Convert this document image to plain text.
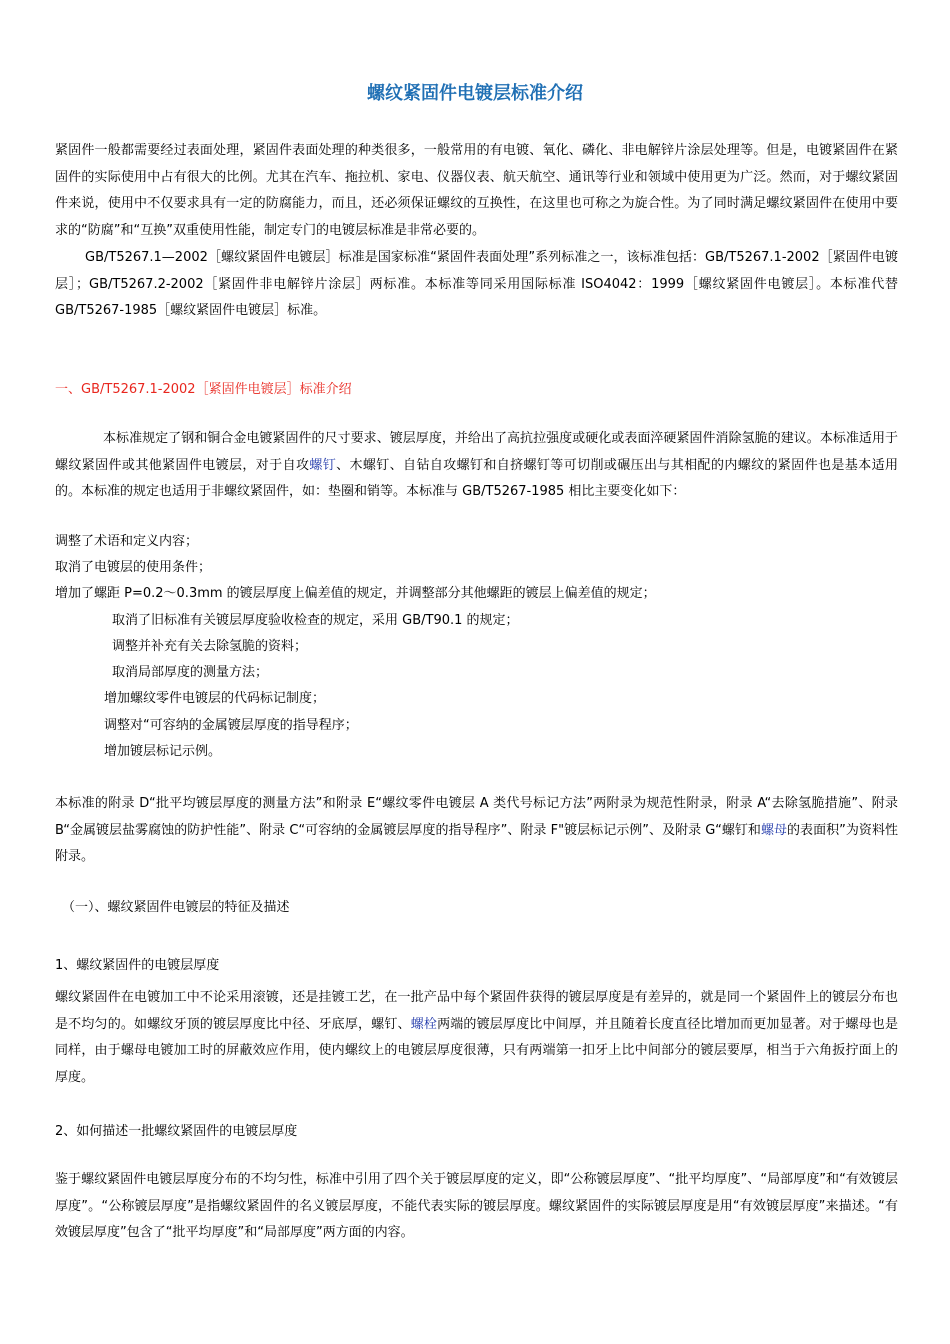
螺纹紧固件电镀层标准介绍

紧固件一般都需要经过表面处理，紧固件表面处理的种类很多，一般常用的有电镀、氧化、磷化、非电解锌片涂层处理等。但是，电镀紧固件在紧固件的实际使用中占有很大的比例。尤其在汽车、拖拉机、家电、仪器仪表、航天航空、通讯等行业和领域中使用更为广泛。然而，对于螺纹紧固件来说，使用中不仅要求具有一定的防腐能力，而且，还必须保证螺纹的互换性，在这里也可称之为旋合性。为了同时满足螺纹紧固件在使用中要求的“防腐”和“互换”双重使用性能，制定专门的电镀层标准是非常必要的。

GB/T5267.1—2002［螺纹紧固件电镀层］标准是国家标准“紧固件表面处理”系列标准之一，该标准包括：GB/T5267.1-2002［紧固件电镀层］；GB/T5267.2-2002［紧固件非电解锌片涂层］两标准。本标准等同采用国际标准 ISO4042：1999［螺纹紧固件电镀层］。本标准代替 GB/T5267-1985［螺纹紧固件电镀层］标准。

一、GB/T5267.1-2002［紧固件电镀层］标准介绍

本标准规定了钢和铜合金电镀紧固件的尺寸要求、镀层厚度，并给出了高抗拉强度或硬化或表面淬硬紧固件消除氢脆的建议。本标准适用于螺纹紧固件或其他紧固件电镀层，对于自攻螺钉、木螺钉、自钻自攻螺钉和自挤螺钉等可切削或碾压出与其相配的内螺纹的紧固件也是基本适用的。本标准的规定也适用于非螺纹紧固件，如：垫圈和销等。本标准与 GB/T5267-1985 相比主要变化如下：

调整了术语和定义内容；

取消了电镀层的使用条件；

增加了螺距 P=0.2～0.3mm 的镀层厚度上偏差值的规定，并调整部分其他螺距的镀层上偏差值的规定；

取消了旧标准有关镀层厚度验收检查的规定，采用 GB/T90.1 的规定；

调整并补充有关去除氢脆的资料；

取消局部厚度的测量方法；

增加螺纹零件电镀层的代码标记制度；

调整对“可容纳的金属镀层厚度的指导程序；

增加镀层标记示例。

本标准的附录 D“批平均镀层厚度的测量方法”和附录 E“螺纹零件电镀层 A 类代号标记方法”两附录为规范性附录，附录 A“去除氢脆措施”、附录 B“金属镀层盐雾腐蚀的防护性能”、附录 C“可容纳的金属镀层厚度的指导程序”、附录 F"镀层标记示例”、及附录 G“螺钉和螺母的表面积”为资料性附录。

（一）、螺纹紧固件电镀层的特征及描述

1、螺纹紧固件的电镀层厚度

螺纹紧固件在电镀加工中不论采用滚镀，还是挂镀工艺，在一批产品中每个紧固件获得的镀层厚度是有差异的，就是同一个紧固件上的镀层分布也是不均匀的。如螺纹牙顶的镀层厚度比中径、牙底厚，螺钉、螺栓两端的镀层厚度比中间厚，并且随着长度直径比增加而更加显著。对于螺母也是同样，由于螺母电镀加工时的屏蔽效应作用，使内螺纹上的电镀层厚度很薄，只有两端第一扣牙上比中间部分的镀层要厚，相当于六角扳拧面上的厚度。

2、如何描述一批螺纹紧固件的电镀层厚度

鉴于螺纹紧固件电镀层厚度分布的不均匀性，标准中引用了四个关于镀层厚度的定义，即“公称镀层厚度”、“批平均厚度”、“局部厚度”和“有效镀层厚度”。“公称镀层厚度”是指螺纹紧固件的名义镀层厚度，不能代表实际的镀层厚度。螺纹紧固件的实际镀层厚度是用“有效镀层厚度”来描述。“有效镀层厚度”包含了“批平均厚度”和“局部厚度”两方面的内容。
